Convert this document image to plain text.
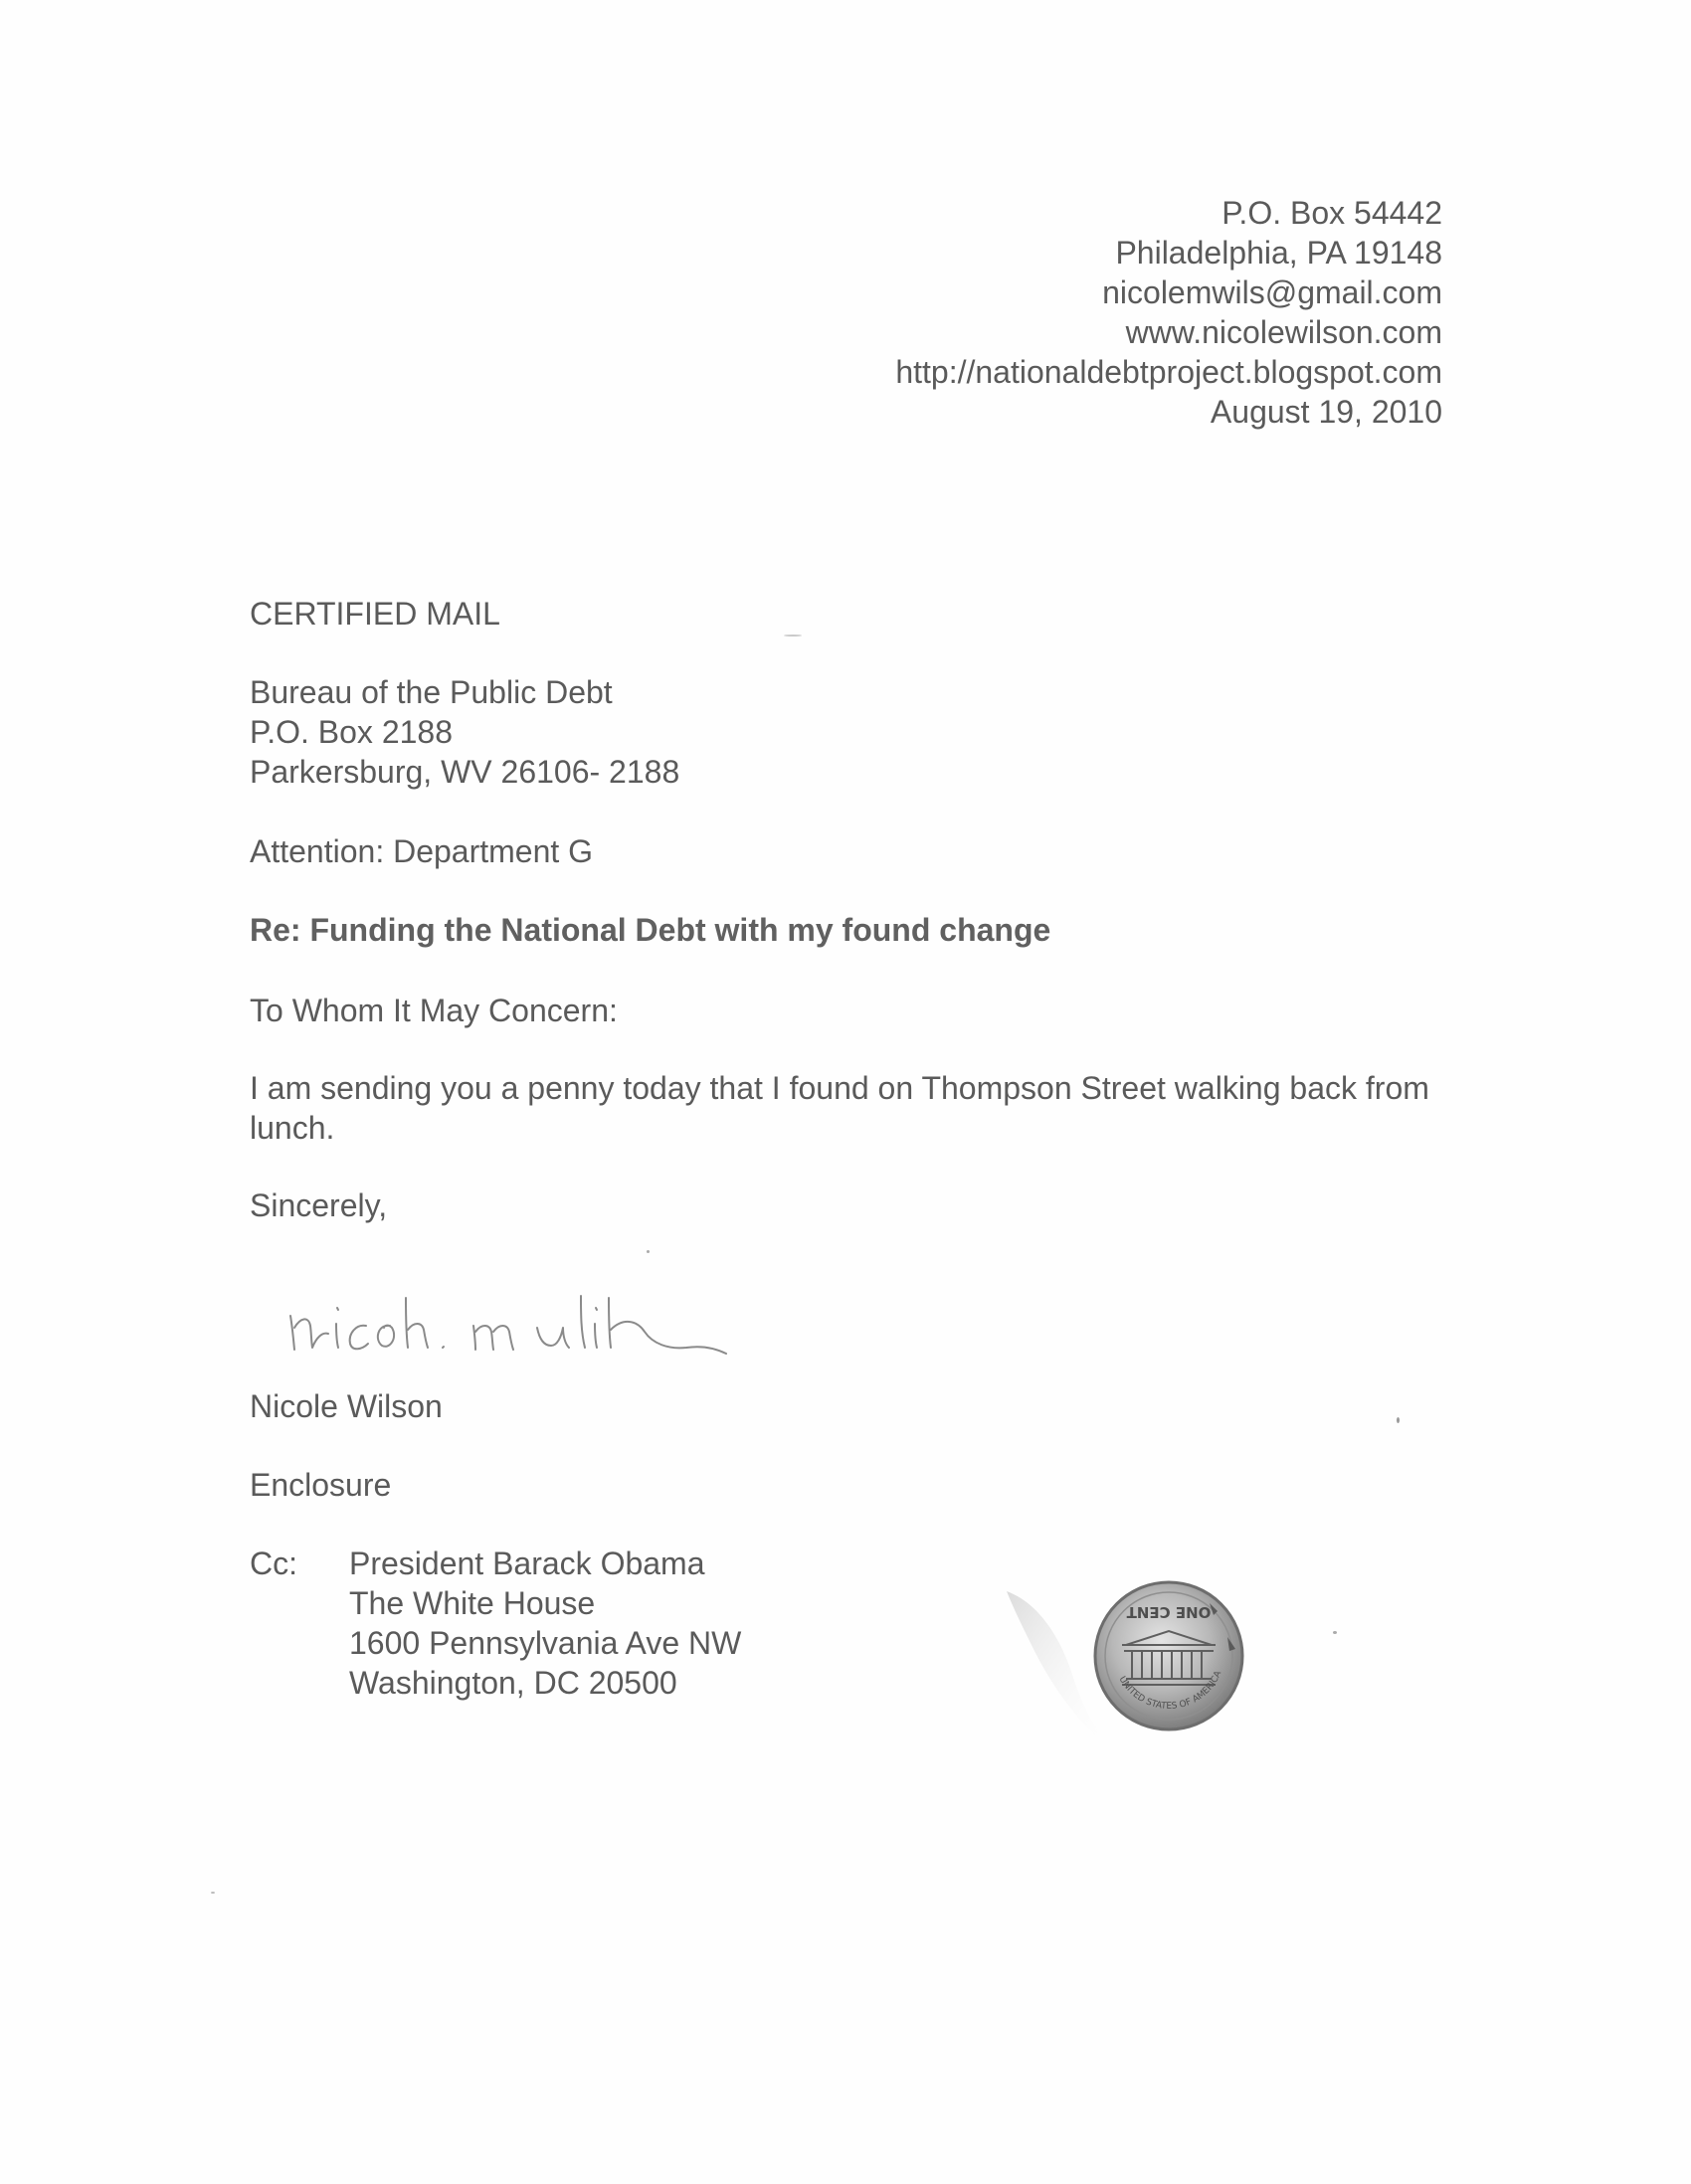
P.O. Box 54442
Philadelphia, PA 19148
nicolemwils@gmail.com
www.nicolewilson.com
http://nationaldebtproject.blogspot.com
August 19, 2010
CERTIFIED MAIL
Bureau of the Public Debt
P.O. Box 2188
Parkersburg, WV 26106- 2188
Attention: Department G
Re: Funding the National Debt with my found change
To Whom It May Concern:
I am sending you a penny today that I found on Thompson Street walking back from lunch.
Sincerely,
Nicole Wilson
Enclosure
Cc: President Barack Obama
The White House
1600 Pennsylvania Ave NW
Washington, DC 20500
ONE CENT
UNITED STATES OF AMERICA
